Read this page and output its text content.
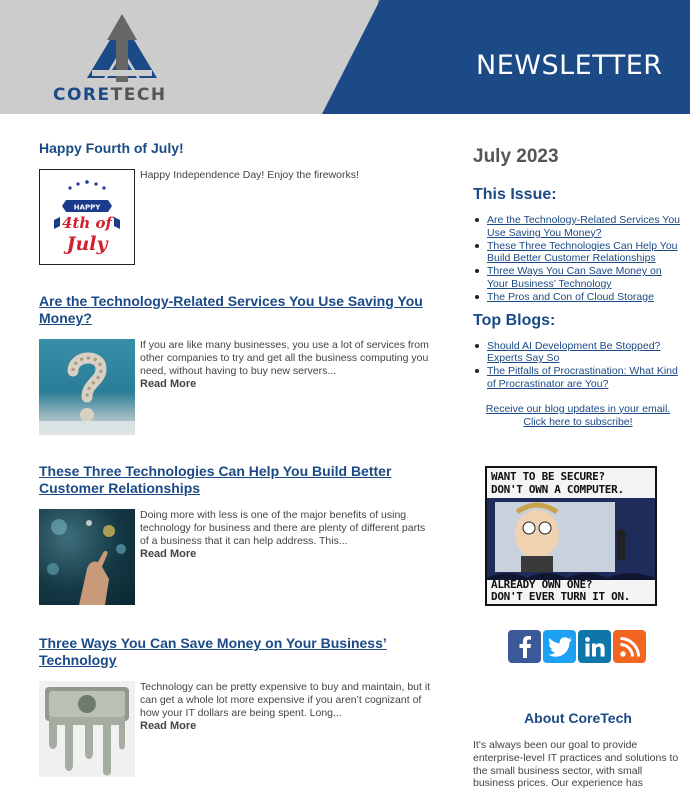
NEWSLETTER
CORETECH
Happy Fourth of July!
HAPPY
4th of
July
Happy Independence Day! Enjoy the fireworks!
Are the Technology-Related Services You Use Saving You Money?
If you are like many businesses, you use a lot of services from other companies to try and get all the business computing you need, without having to buy new servers...
Read More
These Three Technologies Can Help You Build Better Customer Relationships
Doing more with less is one of the major benefits of using technology for business and there are plenty of different parts of a business that it can help address. This...
Read More
Three Ways You Can Save Money on Your Business’ Technology
Technology can be pretty expensive to buy and maintain, but it can get a whole lot more expensive if you aren’t cognizant of how your IT dollars are being spent. Long...
Read More
July 2023
This Issue:
Are the Technology-Related Services You Use Saving You Money?
These Three Technologies Can Help You Build Better Customer Relationships
Three Ways You Can Save Money on Your Business’ Technology
The Pros and Con of Cloud Storage
Top Blogs:
Should AI Development Be Stopped? Experts Say So
The Pitfalls of Procrastination: What Kind of Procrastinator are You?
Receive our blog updates in your email.
Click here to subscribe!
WANT TO BE SECURE?
DON'T OWN A COMPUTER.
ALREADY OWN ONE?
DON'T EVER TURN IT ON.
About CoreTech
It's always been our goal to provide enterprise-level IT practices and solutions to the small business sector, with small business prices. Our experience has
